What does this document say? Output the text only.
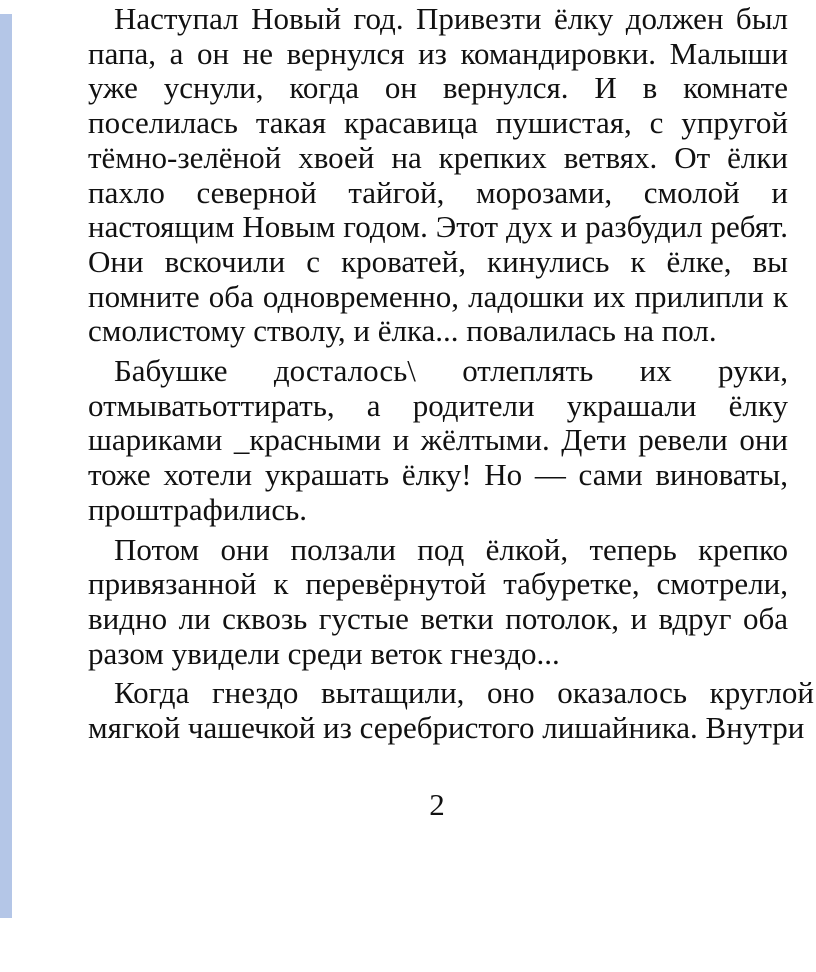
Наступал Новый год. Привезти ёлку должен был папа, а он не вернулся из командировки. Малыши уже уснули, когда он вернулся. И в комнате поселилась такая красавица пушистая, с упругой тёмно-зелёной хвоей на крепких ветвях. От ёлки пахло северной тайгой, морозами, смолой и настоящим Новым годом. Этот дух и разбудил ребят. Они вскочили с кроватей, кинулись к ёлке, вы помните оба одновременно, ладошки их прилипли к смолистому стволу, и ёлка... повалилась на пол.

Бабушке досталось\ отлеплять их руки, отмыватьоттирать, а родители украшали ёлку шариками _красными и жёлтыми. Дети ревели они тоже хотели украшать ёлку! Но — сами виноваты, проштрафились.

Потом они ползали под ёлкой, теперь крепко привязанной к перевёрнутой табуретке, смотрели, видно ли сквозь густые ветки потолок, и вдруг оба разом увидели среди веток гнездо...

Когда гнездо вытащили, оно оказалось круглой мягкой чашечкой из серебристого лишайника. Внутри

2
